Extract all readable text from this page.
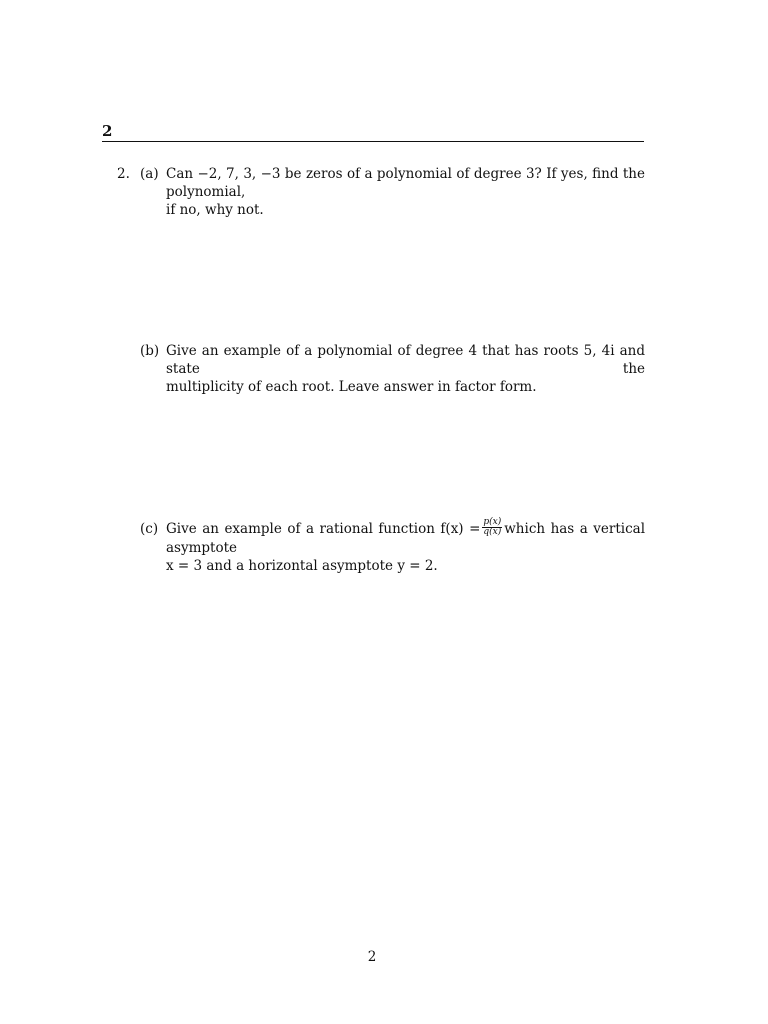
2
2. (a) Can −2, 7, 3, −3 be zeros of a polynomial of degree 3? If yes, find the polynomial,
if no, why not.
(b) Give an example of a polynomial of degree 4 that has roots 5, 4i and state the
multiplicity of each root. Leave answer in factor form.
(c) Give an example of a rational function $f(x) = \frac{p(x)}{q(x)}$ which has a vertical asymptote
x = 3 and a horizontal asymptote y = 2.
2
